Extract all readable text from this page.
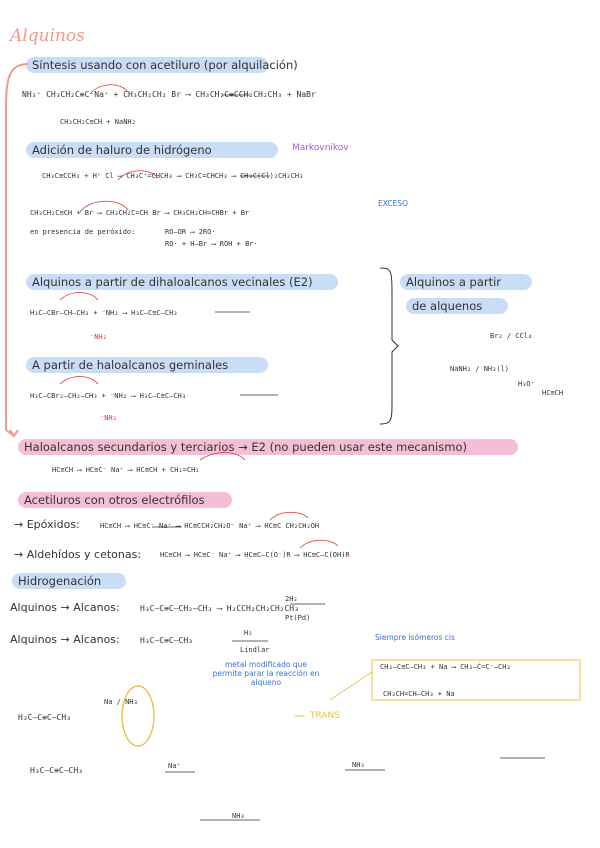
Alquinos
Síntesis usando con acetiluro (por alquilación)
NH₃⁺ CH₃CH₂C≡C⁻Na⁺ + CH₃CH₂CH₂ Br ⟶ CH₃CH₂C≡CCH₂CH₂CH₃ + NaBr
CH₃CH₂C≡CH + NaNH₂
Adición de haluro de hidrógeno	Markovnikov
CH₃C≡CCH₃ + H⁺ Cl ⟶ CH₃C⁺=CHCH₃ ⟶ CH₃C=CHCH₃ ⟶ CH₃C(Cl)₂CH₂CH₃
EXCESO
CH₃CH₂C≡CH + Br ⟶ CH₃CH₂C=CH Br ⟶ CH₃CH₂CH=CHBr + Br
en presencia de peróxido:	RO–OR ⟶ 2RO·
RO· + H–Br ⟶ ROH + Br·
Alquinos a partir de dihaloalcanos vecinales (E2)
H₃C–CBr–CH–CH₃ + ⁻NH₂ ⟶ H₃C–C≡C–CH₃
⁻NH₂
A partir de haloalcanos geminales
H₃C–CBr₂–CH₂–CH₃ + ⁻NH₂ ⟶ H₃C–C≡C–CH₃
⁻NH₂
Alquinos a partir
de alquenos
Br₂ / CCl₄
NaNH₂ / NH₃(l)
H₃O⁺
HC≡CH
Haloalcanos secundarios y terciarios → E2 (no pueden usar este mecanismo)
HC≡CH ⟶ HC≡C⁻ Na⁺ ⟶ HC≡CH + CH₂=CH₂
Acetiluros con otros electrófilos
→ Epóxidos:	HC≡CH ⟶ HC≡C⁻ Na⁺ ⟶ HC≡CCH₂CH₂O⁻ Na⁺ ⟶ HC≡C CH₂CH₂OH
→ Aldehídos y cetonas:	HC≡CH ⟶ HC≡C⁻ Na⁺ ⟶ HC≡C–C(O⁻)R ⟶ HC≡C–C(OH)R
Hidrogenación
Alquinos → Alcanos:	H₃C–C≡C–CH₂–CH₃ ⟶ H₃CCH₂CH₂CH₂CH₃
2H₂
Pt(Pd)
Alquinos → Alcanos:	H₃C–C≡C–CH₃
H₂
Lindlar
Siempre isómeros cis
metal modificado que permite parar la reacción en alqueno
CH₃–C≡C–CH₃ + Na ⟶ CH₃–Ċ=C⁻–CH₃
CH₃CH=CH–CH₃ + Na
H₃C–C≡C–CH₃	TRANS
Na / NH₃
H₃C–C≡C–CH₃	Na⁺	NH₃
NH₃
